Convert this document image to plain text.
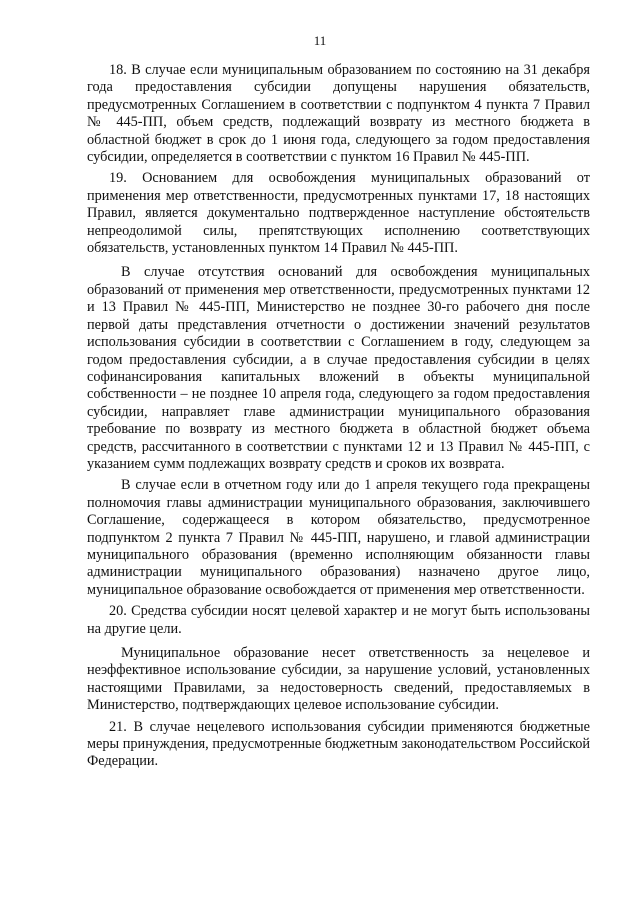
11

18. В случае если муниципальным образованием по состоянию на 31 декабря года предоставления субсидии допущены нарушения обязательств, предусмотренных Соглашением в соответствии с подпунктом 4 пункта 7 Правил № 445-ПП, объем средств, подлежащий возврату из местного бюджета в областной бюджет в срок до 1 июня года, следующего за годом предоставления субсидии, определяется в соответствии с пунктом 16 Правил № 445-ПП.

19. Основанием для освобождения муниципальных образований от применения мер ответственности, предусмотренных пунктами 17, 18 настоящих Правил, является документально подтвержденное наступление обстоятельств непреодолимой силы, препятствующих исполнению соответствующих обязательств, установленных пунктом 14 Правил № 445-ПП.

В случае отсутствия оснований для освобождения муниципальных образований от применения мер ответственности, предусмотренных пунктами 12 и 13 Правил № 445-ПП, Министерство не позднее 30-го рабочего дня после первой даты представления отчетности о достижении значений результатов использования субсидии в соответствии с Соглашением в году, следующем за годом предоставления субсидии, а в случае предоставления субсидии в целях софинансирования капитальных вложений в объекты муниципальной собственности – не позднее 10 апреля года, следующего за годом предоставления субсидии, направляет главе администрации муниципального образования требование по возврату из местного бюджета в областной бюджет объема средств, рассчитанного в соответствии с пунктами 12 и 13 Правил № 445-ПП, с указанием сумм подлежащих возврату средств и сроков их возврата.

В случае если в отчетном году или до 1 апреля текущего года прекращены полномочия главы администрации муниципального образования, заключившего Соглашение, содержащееся в котором обязательство, предусмотренное подпунктом 2 пункта 7 Правил № 445-ПП, нарушено, и главой администрации муниципального образования (временно исполняющим обязанности главы администрации муниципального образования) назначено другое лицо, муниципальное образование освобождается от применения мер ответственности.

20. Средства субсидии носят целевой характер и не могут быть использованы на другие цели.

Муниципальное образование несет ответственность за нецелевое и неэффективное использование субсидии, за нарушение условий, установленных настоящими Правилами, за недостоверность сведений, предоставляемых в Министерство, подтверждающих целевое использование субсидии.

21. В случае нецелевого использования субсидии применяются бюджетные меры принуждения, предусмотренные бюджетным законодательством Российской Федерации.
